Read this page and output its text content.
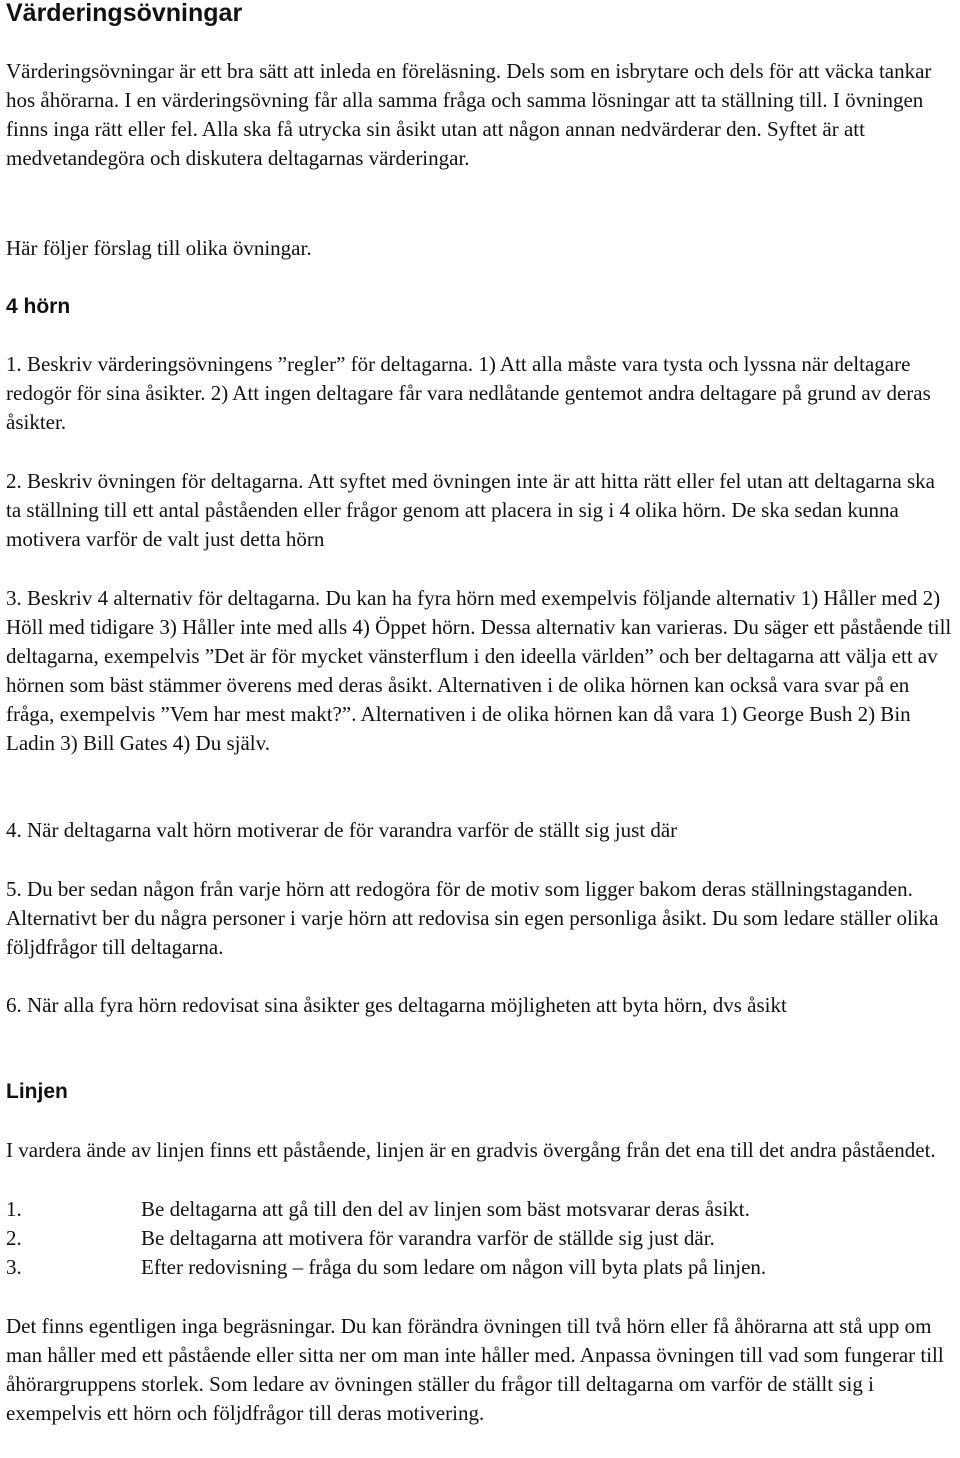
Värderingsövningar

Värderingsövningar är ett bra sätt att inleda en föreläsning. Dels som en isbrytare och dels för att väcka tankar hos åhörarna. I en värderingsövning får alla samma fråga och samma lösningar att ta ställning till. I övningen finns inga rätt eller fel. Alla ska få utrycka sin åsikt utan att någon annan nedvärderar den. Syftet är att medvetandegöra och diskutera deltagarnas värderingar.

Här följer förslag till olika övningar.

4 hörn

1. Beskriv värderingsövningens ”regler” för deltagarna. 1) Att alla måste vara tysta och lyssna när deltagare redogör för sina åsikter. 2) Att ingen deltagare får vara nedlåtande gentemot andra deltagare på grund av deras åsikter.

2. Beskriv övningen för deltagarna. Att syftet med övningen inte är att hitta rätt eller fel utan att deltagarna ska ta ställning till ett antal påståenden eller frågor genom att placera in sig i 4 olika hörn. De ska sedan kunna motivera varför de valt just detta hörn

3. Beskriv 4 alternativ för deltagarna. Du kan ha fyra hörn med exempelvis följande alternativ 1) Håller med 2) Höll med tidigare 3) Håller inte med alls 4) Öppet hörn. Dessa alternativ kan varieras. Du säger ett påstående till deltagarna, exempelvis ”Det är för mycket vänsterflum i den ideella världen” och ber deltagarna att välja ett av hörnen som bäst stämmer överens med deras åsikt. Alternativen i de olika hörnen kan också vara svar på en fråga, exempelvis ”Vem har mest makt?”. Alternativen i de olika hörnen kan då vara 1) George Bush 2) Bin Ladin 3) Bill Gates 4) Du själv.

4. När deltagarna valt hörn motiverar de för varandra varför de ställt sig just där

5. Du ber sedan någon från varje hörn att redogöra för de motiv som ligger bakom deras ställningstaganden. Alternativt ber du några personer i varje hörn att redovisa sin egen personliga åsikt. Du som ledare ställer olika följdfrågor till deltagarna.

6. När alla fyra hörn redovisat sina åsikter ges deltagarna möjligheten att byta hörn, dvs åsikt

Linjen

I vardera ände av linjen finns ett påstående, linjen är en gradvis övergång från det ena till det andra påståendet.

1.	Be deltagarna att gå till den del av linjen som bäst motsvarar deras åsikt.
2.	Be deltagarna att motivera för varandra varför de ställde sig just där.
3.	Efter redovisning – fråga du som ledare om någon vill byta plats på linjen.

Det finns egentligen inga begräsningar. Du kan förändra övningen till två hörn eller få åhörarna att stå upp om man håller med ett påstående eller sitta ner om man inte håller med. Anpassa övningen till vad som fungerar till åhörargruppens storlek. Som ledare av övningen ställer du frågor till deltagarna om varför de ställt sig i exempelvis ett hörn och följdfrågor till deras motivering.
